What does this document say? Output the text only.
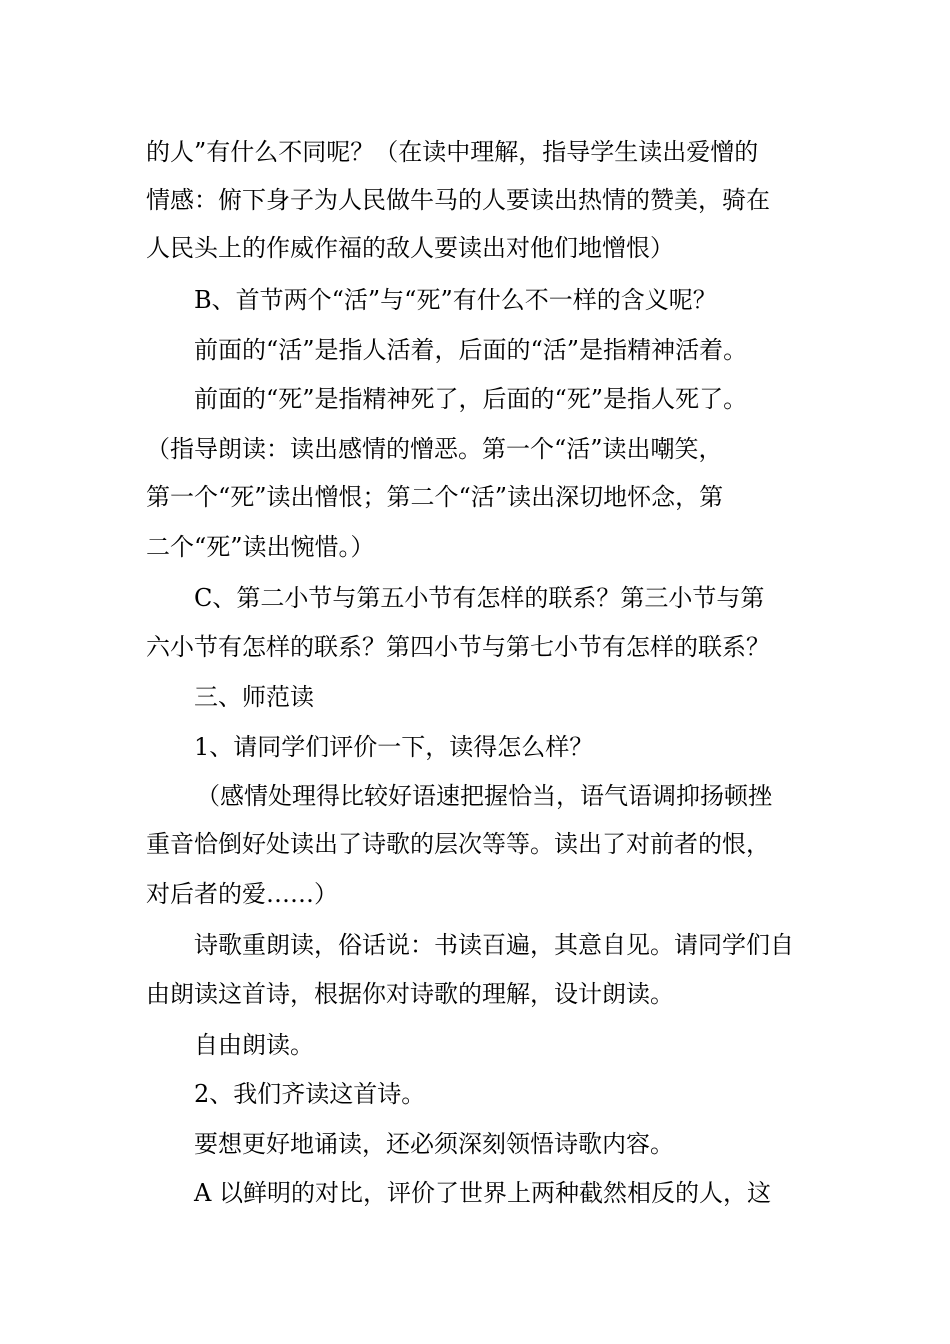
的人”有什么不同呢？（在读中理解，指导学生读出爱憎的
情感：俯下身子为人民做牛马的人要读出热情的赞美，骑在
人民头上的作威作福的敌人要读出对他们地憎恨）
B、首节两个“活”与“死”有什么不一样的含义呢？
前面的“活”是指人活着，后面的“活”是指精神活着。
前面的“死”是指精神死了，后面的“死”是指人死了。
（指导朗读：读出感情的憎恶。第一个“活”读出嘲笑，
第一个“死”读出憎恨；第二个“活”读出深切地怀念，第
二个“死”读出惋惜。）
C、第二小节与第五小节有怎样的联系？第三小节与第
六小节有怎样的联系？第四小节与第七小节有怎样的联系？
三、师范读
1、请同学们评价一下，读得怎么样？
（感情处理得比较好语速把握恰当，语气语调抑扬顿挫
重音恰倒好处读出了诗歌的层次等等。读出了对前者的恨，
对后者的爱……）
诗歌重朗读，俗话说：书读百遍，其意自见。请同学们自
由朗读这首诗，根据你对诗歌的理解，设计朗读。
自由朗读。
2、我们齐读这首诗。
要想更好地诵读，还必须深刻领悟诗歌内容。
A 以鲜明的对比，评价了世界上两种截然相反的人，这
